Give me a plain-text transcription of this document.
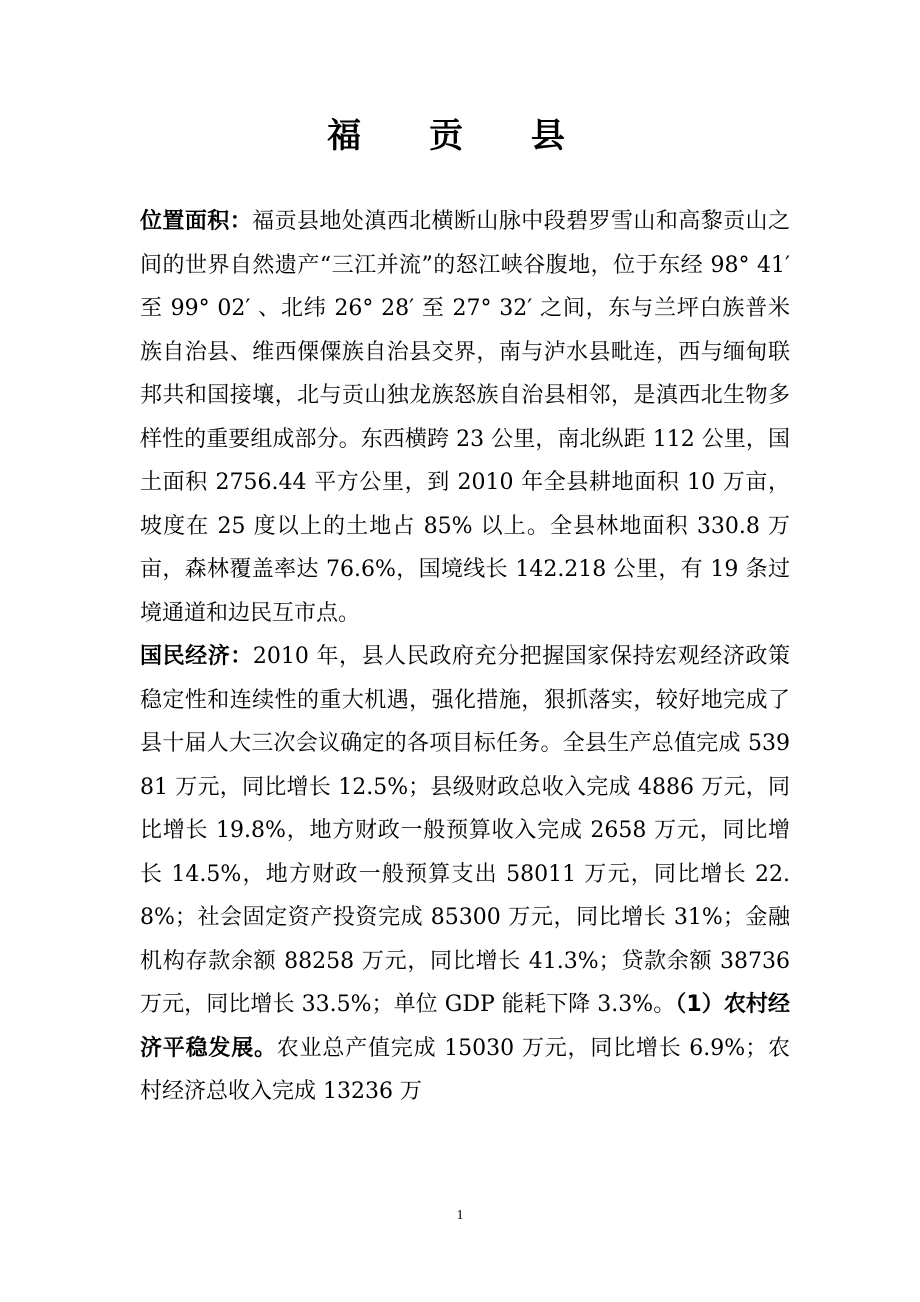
福 贡 县

位置面积：福贡县地处滇西北横断山脉中段碧罗雪山和高黎贡山之间的世界自然遗产“三江并流”的怒江峡谷腹地，位于东经 98° 41′ 至 99° 02′ 、北纬 26° 28′ 至 27° 32′ 之间，东与兰坪白族普米族自治县、维西傈僳族自治县交界，南与泸水县毗连，西与缅甸联邦共和国接壤，北与贡山独龙族怒族自治县相邻，是滇西北生物多样性的重要组成部分。东西横跨 23 公里，南北纵距 112 公里，国土面积 2756.44 平方公里，到 2010 年全县耕地面积 10 万亩，坡度在 25 度以上的土地占 85% 以上。全县林地面积 330.8 万亩，森林覆盖率达 76.6%，国境线长 142.218 公里，有 19 条过境通道和边民互市点。

国民经济：2010 年，县人民政府充分把握国家保持宏观经济政策稳定性和连续性的重大机遇，强化措施，狠抓落实，较好地完成了县十届人大三次会议确定的各项目标任务。全县生产总值完成 53981 万元，同比增长 12.5%；县级财政总收入完成 4886 万元，同比增长 19.8%，地方财政一般预算收入完成 2658 万元，同比增长 14.5%，地方财政一般预算支出 58011 万元，同比增长 22.8%；社会固定资产投资完成 85300 万元，同比增长 31%；金融机构存款余额 88258 万元，同比增长 41.3%；贷款余额 38736 万元，同比增长 33.5%；单位 GDP 能耗下降 3.3%。（1）农村经济平稳发展。农业总产值完成 15030 万元，同比增长 6.9%；农村经济总收入完成 13236 万

1
